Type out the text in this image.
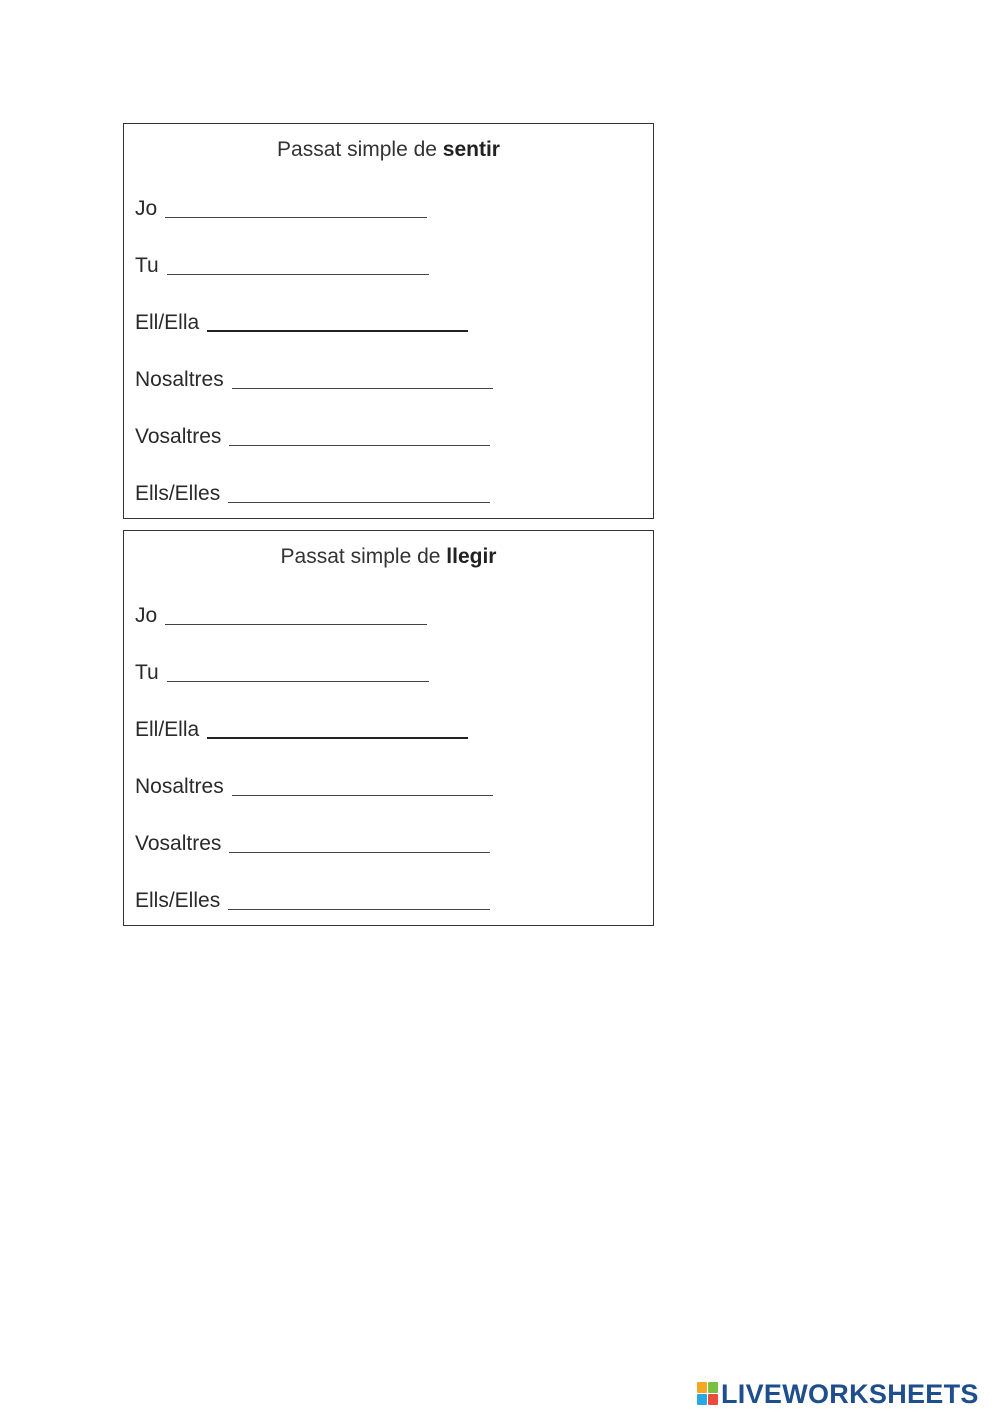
Passat simple de sentir
Jo
Tu
Ell/Ella
Nosaltres
Vosaltres
Ells/Elles
Passat simple de llegir
Jo
Tu
Ell/Ella
Nosaltres
Vosaltres
Ells/Elles
LIVEWORKSHEETS
